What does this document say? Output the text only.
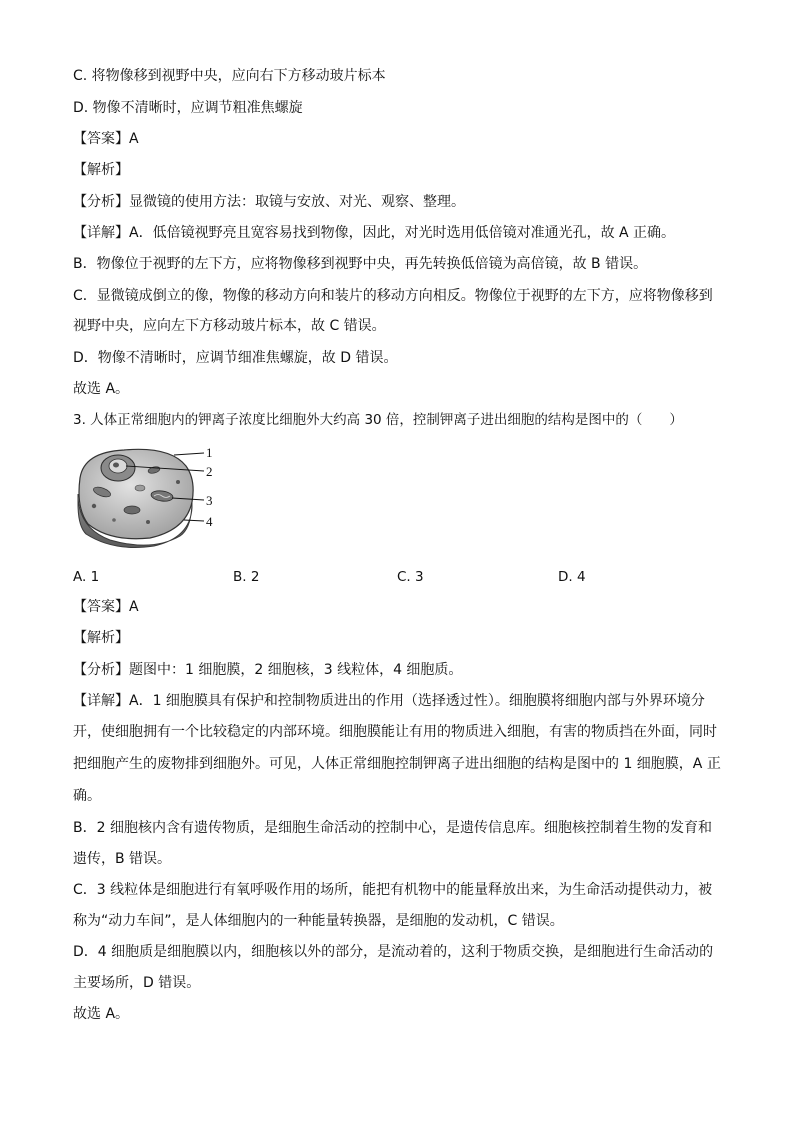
C. 将物像移到视野中央，应向右下方移动玻片标本
D. 物像不清晰时，应调节粗准焦螺旋
【答案】A
【解析】
【分析】显微镜的使用方法：取镜与安放、对光、观察、整理。
【详解】A．低倍镜视野亮且宽容易找到物像，因此，对光时选用低倍镜对准通光孔，故 A 正确。
B．物像位于视野的左下方，应将物像移到视野中央，再先转换低倍镜为高倍镜，故 B 错误。
C．显微镜成倒立的像，物像的移动方向和装片的移动方向相反。物像位于视野的左下方，应将物像移到
视野中央，应向左下方移动玻片标本，故 C 错误。
D．物像不清晰时，应调节细准焦螺旋，故 D 错误。
故选 A。
3. 人体正常细胞内的钾离子浓度比细胞外大约高 30 倍，控制钾离子进出细胞的结构是图中的（　　）
1
2
3
4
A. 1	B. 2	C. 3	D. 4
【答案】A
【解析】
【分析】题图中：1 细胞膜，2 细胞核，3 线粒体，4 细胞质。
【详解】A．1 细胞膜具有保护和控制物质进出的作用（选择透过性）。细胞膜将细胞内部与外界环境分
开，使细胞拥有一个比较稳定的内部环境。细胞膜能让有用的物质进入细胞，有害的物质挡在外面，同时
把细胞产生的废物排到细胞外。可见，人体正常细胞控制钾离子进出细胞的结构是图中的 1 细胞膜，A 正
确。
B．2 细胞核内含有遗传物质，是细胞生命活动的控制中心，是遗传信息库。细胞核控制着生物的发育和
遗传，B 错误。
C．3 线粒体是细胞进行有氧呼吸作用的场所，能把有机物中的能量释放出来，为生命活动提供动力，被
称为“动力车间”，是人体细胞内的一种能量转换器，是细胞的发动机，C 错误。
D．4 细胞质是细胞膜以内，细胞核以外的部分，是流动着的，这利于物质交换，是细胞进行生命活动的
主要场所，D 错误。
故选 A。
